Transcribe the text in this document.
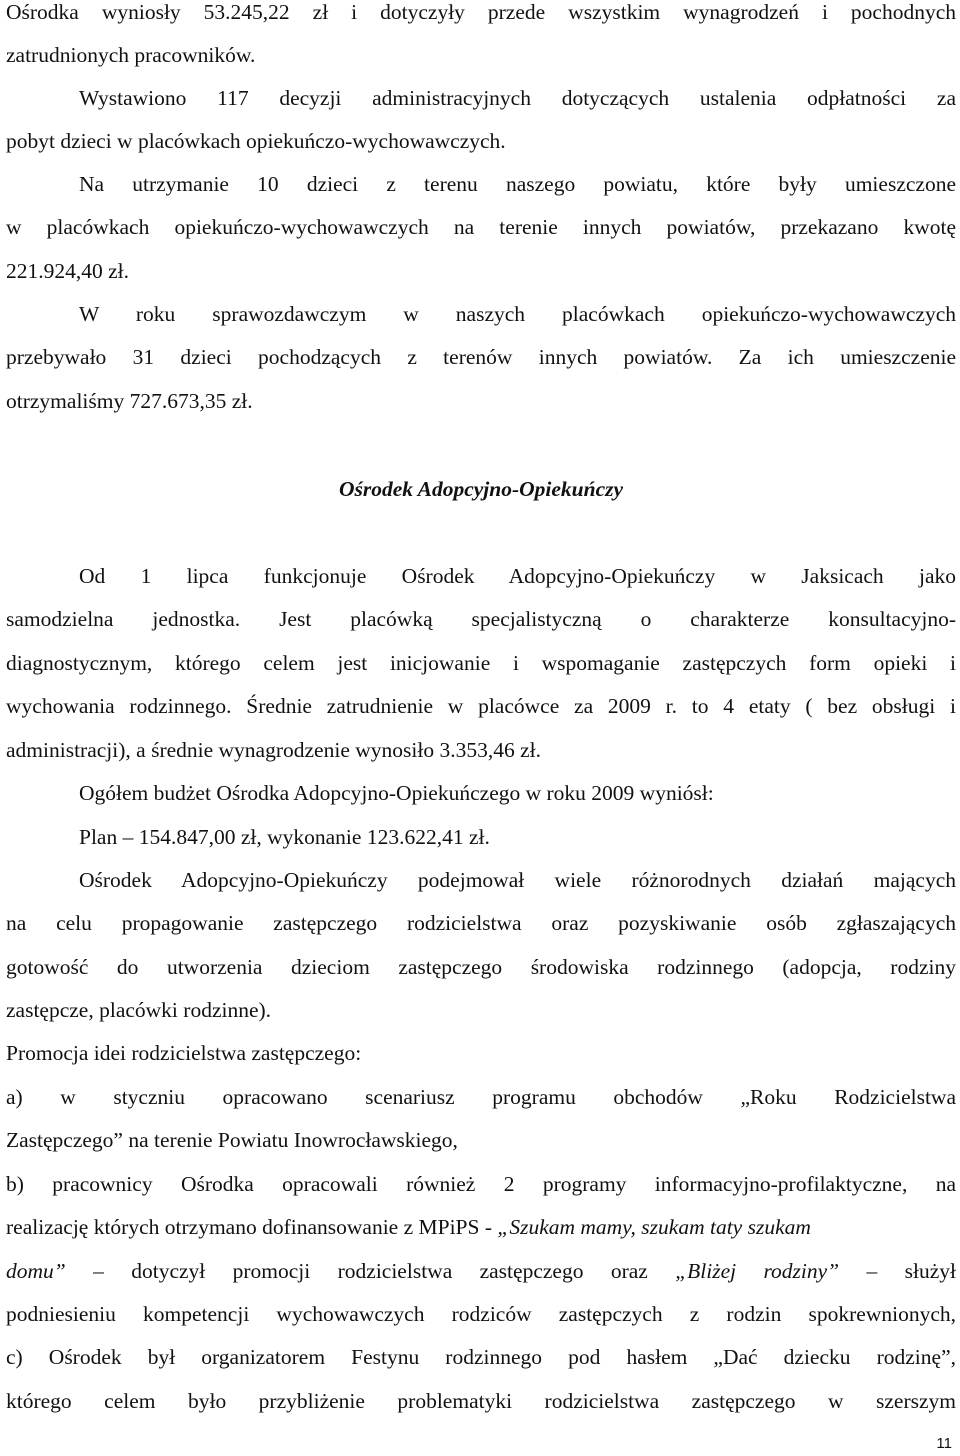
Ośrodka wyniosły 53.245,22 zł i dotyczyły przede wszystkim wynagrodzeń i pochodnych
zatrudnionych pracowników.
Wystawiono 117 decyzji administracyjnych dotyczących ustalenia odpłatności za
pobyt dzieci w placówkach opiekuńczo-wychowawczych.
Na utrzymanie 10 dzieci z terenu naszego powiatu, które były umieszczone
w placówkach opiekuńczo-wychowawczych na terenie innych powiatów, przekazano kwotę
221.924,40 zł.
W roku sprawozdawczym w naszych placówkach opiekuńczo-wychowawczych
przebywało 31 dzieci pochodzących z terenów innych powiatów. Za ich umieszczenie
otrzymaliśmy 727.673,35 zł.
Ośrodek Adopcyjno-Opiekuńczy
Od 1 lipca funkcjonuje Ośrodek Adopcyjno-Opiekuńczy w Jaksicach jako
samodzielna jednostka. Jest placówką specjalistyczną o charakterze konsultacyjno-
diagnostycznym, którego celem jest inicjowanie i wspomaganie zastępczych form opieki i
wychowania rodzinnego. Średnie zatrudnienie w placówce za 2009 r. to 4 etaty ( bez obsługi i
administracji), a średnie wynagrodzenie wynosiło 3.353,46 zł.
Ogółem budżet Ośrodka Adopcyjno-Opiekuńczego w roku 2009 wyniósł:
Plan – 154.847,00 zł, wykonanie 123.622,41 zł.
Ośrodek Adopcyjno-Opiekuńczy podejmował wiele różnorodnych działań mających
na celu propagowanie zastępczego rodzicielstwa oraz pozyskiwanie osób zgłaszających
gotowość do utworzenia dzieciom zastępczego środowiska rodzinnego (adopcja, rodziny
zastępcze, placówki rodzinne).
Promocja idei rodzicielstwa zastępczego:
a) w styczniu opracowano scenariusz programu obchodów „Roku Rodzicielstwa
Zastępczego” na terenie Powiatu Inowrocławskiego,
b) pracownicy Ośrodka opracowali również 2 programy informacyjno-profilaktyczne, na
realizację których otrzymano dofinansowanie z MPiPS - „Szukam mamy, szukam taty szukam
domu” – dotyczył promocji rodzicielstwa zastępczego oraz „Bliżej rodziny” – służył
podniesieniu kompetencji wychowawczych rodziców zastępczych z rodzin spokrewnionych,
c) Ośrodek był organizatorem Festynu rodzinnego pod hasłem „Dać dziecku rodzinę”,
którego celem było przybliżenie problematyki rodzicielstwa zastępczego w szerszym
11
